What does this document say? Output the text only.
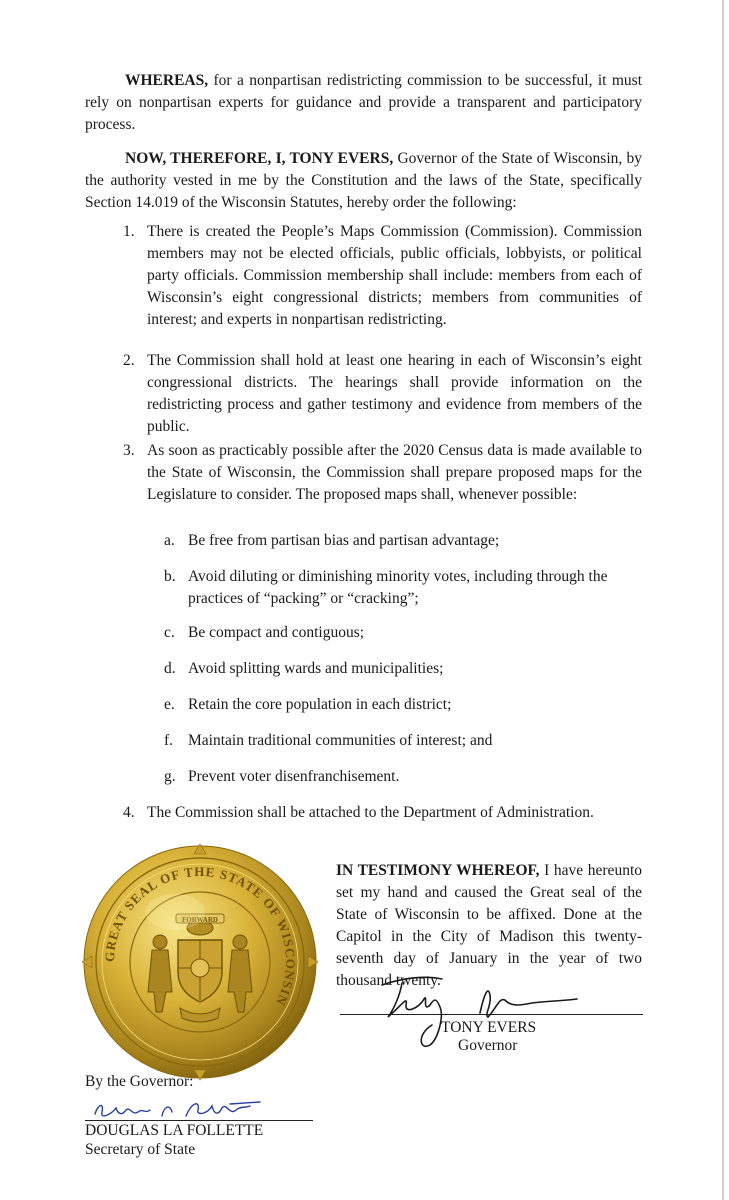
WHEREAS, for a nonpartisan redistricting commission to be successful, it must rely on nonpartisan experts for guidance and provide a transparent and participatory process.

NOW, THEREFORE, I, TONY EVERS, Governor of the State of Wisconsin, by the authority vested in me by the Constitution and the laws of the State, specifically Section 14.019 of the Wisconsin Statutes, hereby order the following:

1. There is created the People’s Maps Commission (Commission). Commission members may not be elected officials, public officials, lobbyists, or political party officials. Commission membership shall include: members from each of Wisconsin’s eight congressional districts; members from communities of interest; and experts in nonpartisan redistricting.
2. The Commission shall hold at least one hearing in each of Wisconsin’s eight congressional districts. The hearings shall provide information on the redistricting process and gather testimony and evidence from members of the public.
3. As soon as practicably possible after the 2020 Census data is made available to the State of Wisconsin, the Commission shall prepare proposed maps for the Legislature to consider. The proposed maps shall, whenever possible:
a. Be free from partisan bias and partisan advantage;
b. Avoid diluting or diminishing minority votes, including through the practices of “packing” or “cracking”;
c. Be compact and contiguous;
d. Avoid splitting wards and municipalities;
e. Retain the core population in each district;
f. Maintain traditional communities of interest; and
g. Prevent voter disenfranchisement.
4. The Commission shall be attached to the Department of Administration.
GREAT SEAL OF THE STATE OF WISCONSIN
FORWARD

IN TESTIMONY WHEREOF, I have hereunto set my hand and caused the Great seal of the State of Wisconsin to be affixed. Done at the Capitol in the City of Madison this twenty-seventh day of January in the year of two thousand twenty.

TONY EVERS
Governor
By the Governor:
DOUGLAS LA FOLLETTE
Secretary of State
